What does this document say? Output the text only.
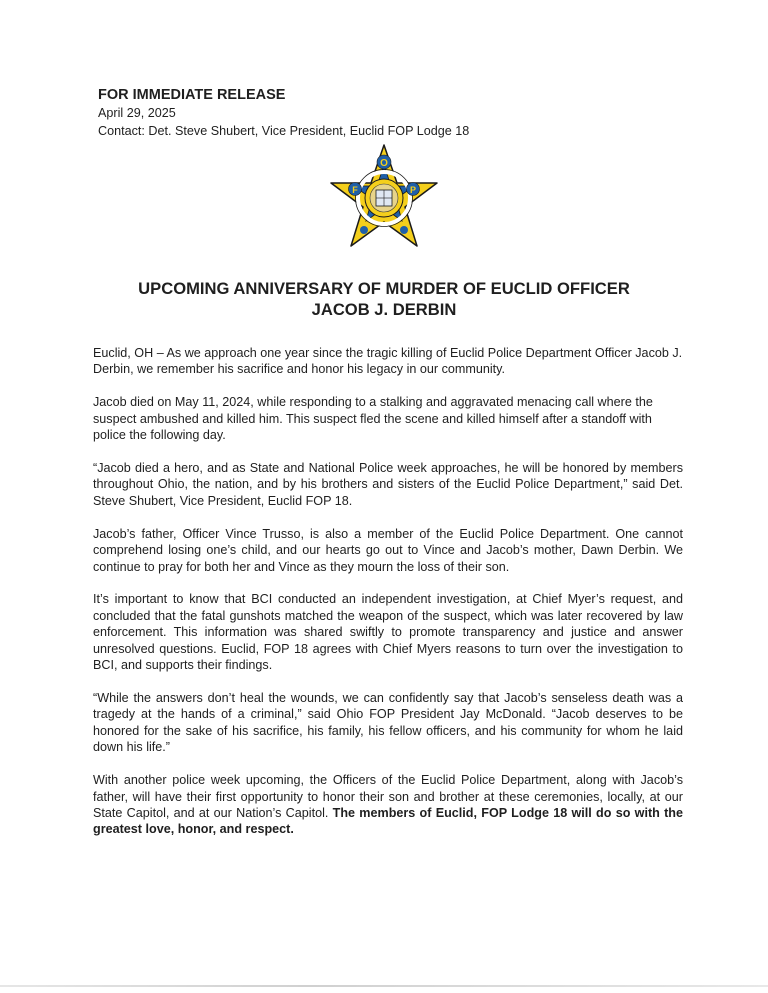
FOR IMMEDIATE RELEASE

April 29, 2025

Contact: Det. Steve Shubert, Vice President, Euclid FOP Lodge 18

O
F	P
UPCOMING ANNIVERSARY OF MURDER OF EUCLID OFFICER
JACOB J. DERBIN

Euclid, OH – As we approach one year since the tragic killing of Euclid Police Department Officer Jacob J. Derbin, we remember his sacrifice and honor his legacy in our community.

Jacob died on May 11, 2024, while responding to a stalking and aggravated menacing call where the suspect ambushed and killed him. This suspect fled the scene and killed himself after a standoff with police the following day.

“Jacob died a hero, and as State and National Police week approaches, he will be honored by members throughout Ohio, the nation, and by his brothers and sisters of the Euclid Police Department,” said Det. Steve Shubert, Vice President, Euclid FOP 18.

Jacob’s father, Officer Vince Trusso, is also a member of the Euclid Police Department. One cannot comprehend losing one’s child, and our hearts go out to Vince and Jacob’s mother, Dawn Derbin. We continue to pray for both her and Vince as they mourn the loss of their son.

It’s important to know that BCI conducted an independent investigation, at Chief Myer’s request, and concluded that the fatal gunshots matched the weapon of the suspect, which was later recovered by law enforcement. This information was shared swiftly to promote transparency and justice and answer unresolved questions. Euclid, FOP 18 agrees with Chief Myers reasons to turn over the investigation to BCI, and supports their findings.

“While the answers don’t heal the wounds, we can confidently say that Jacob’s senseless death was a tragedy at the hands of a criminal,” said Ohio FOP President Jay McDonald. “Jacob deserves to be honored for the sake of his sacrifice, his family, his fellow officers, and his community for whom he laid down his life.”

With another police week upcoming, the Officers of the Euclid Police Department, along with Jacob’s father, will have their first opportunity to honor their son and brother at these ceremonies, locally, at our State Capitol, and at our Nation’s Capitol. The members of Euclid, FOP Lodge 18 will do so with the greatest love, honor, and respect.
